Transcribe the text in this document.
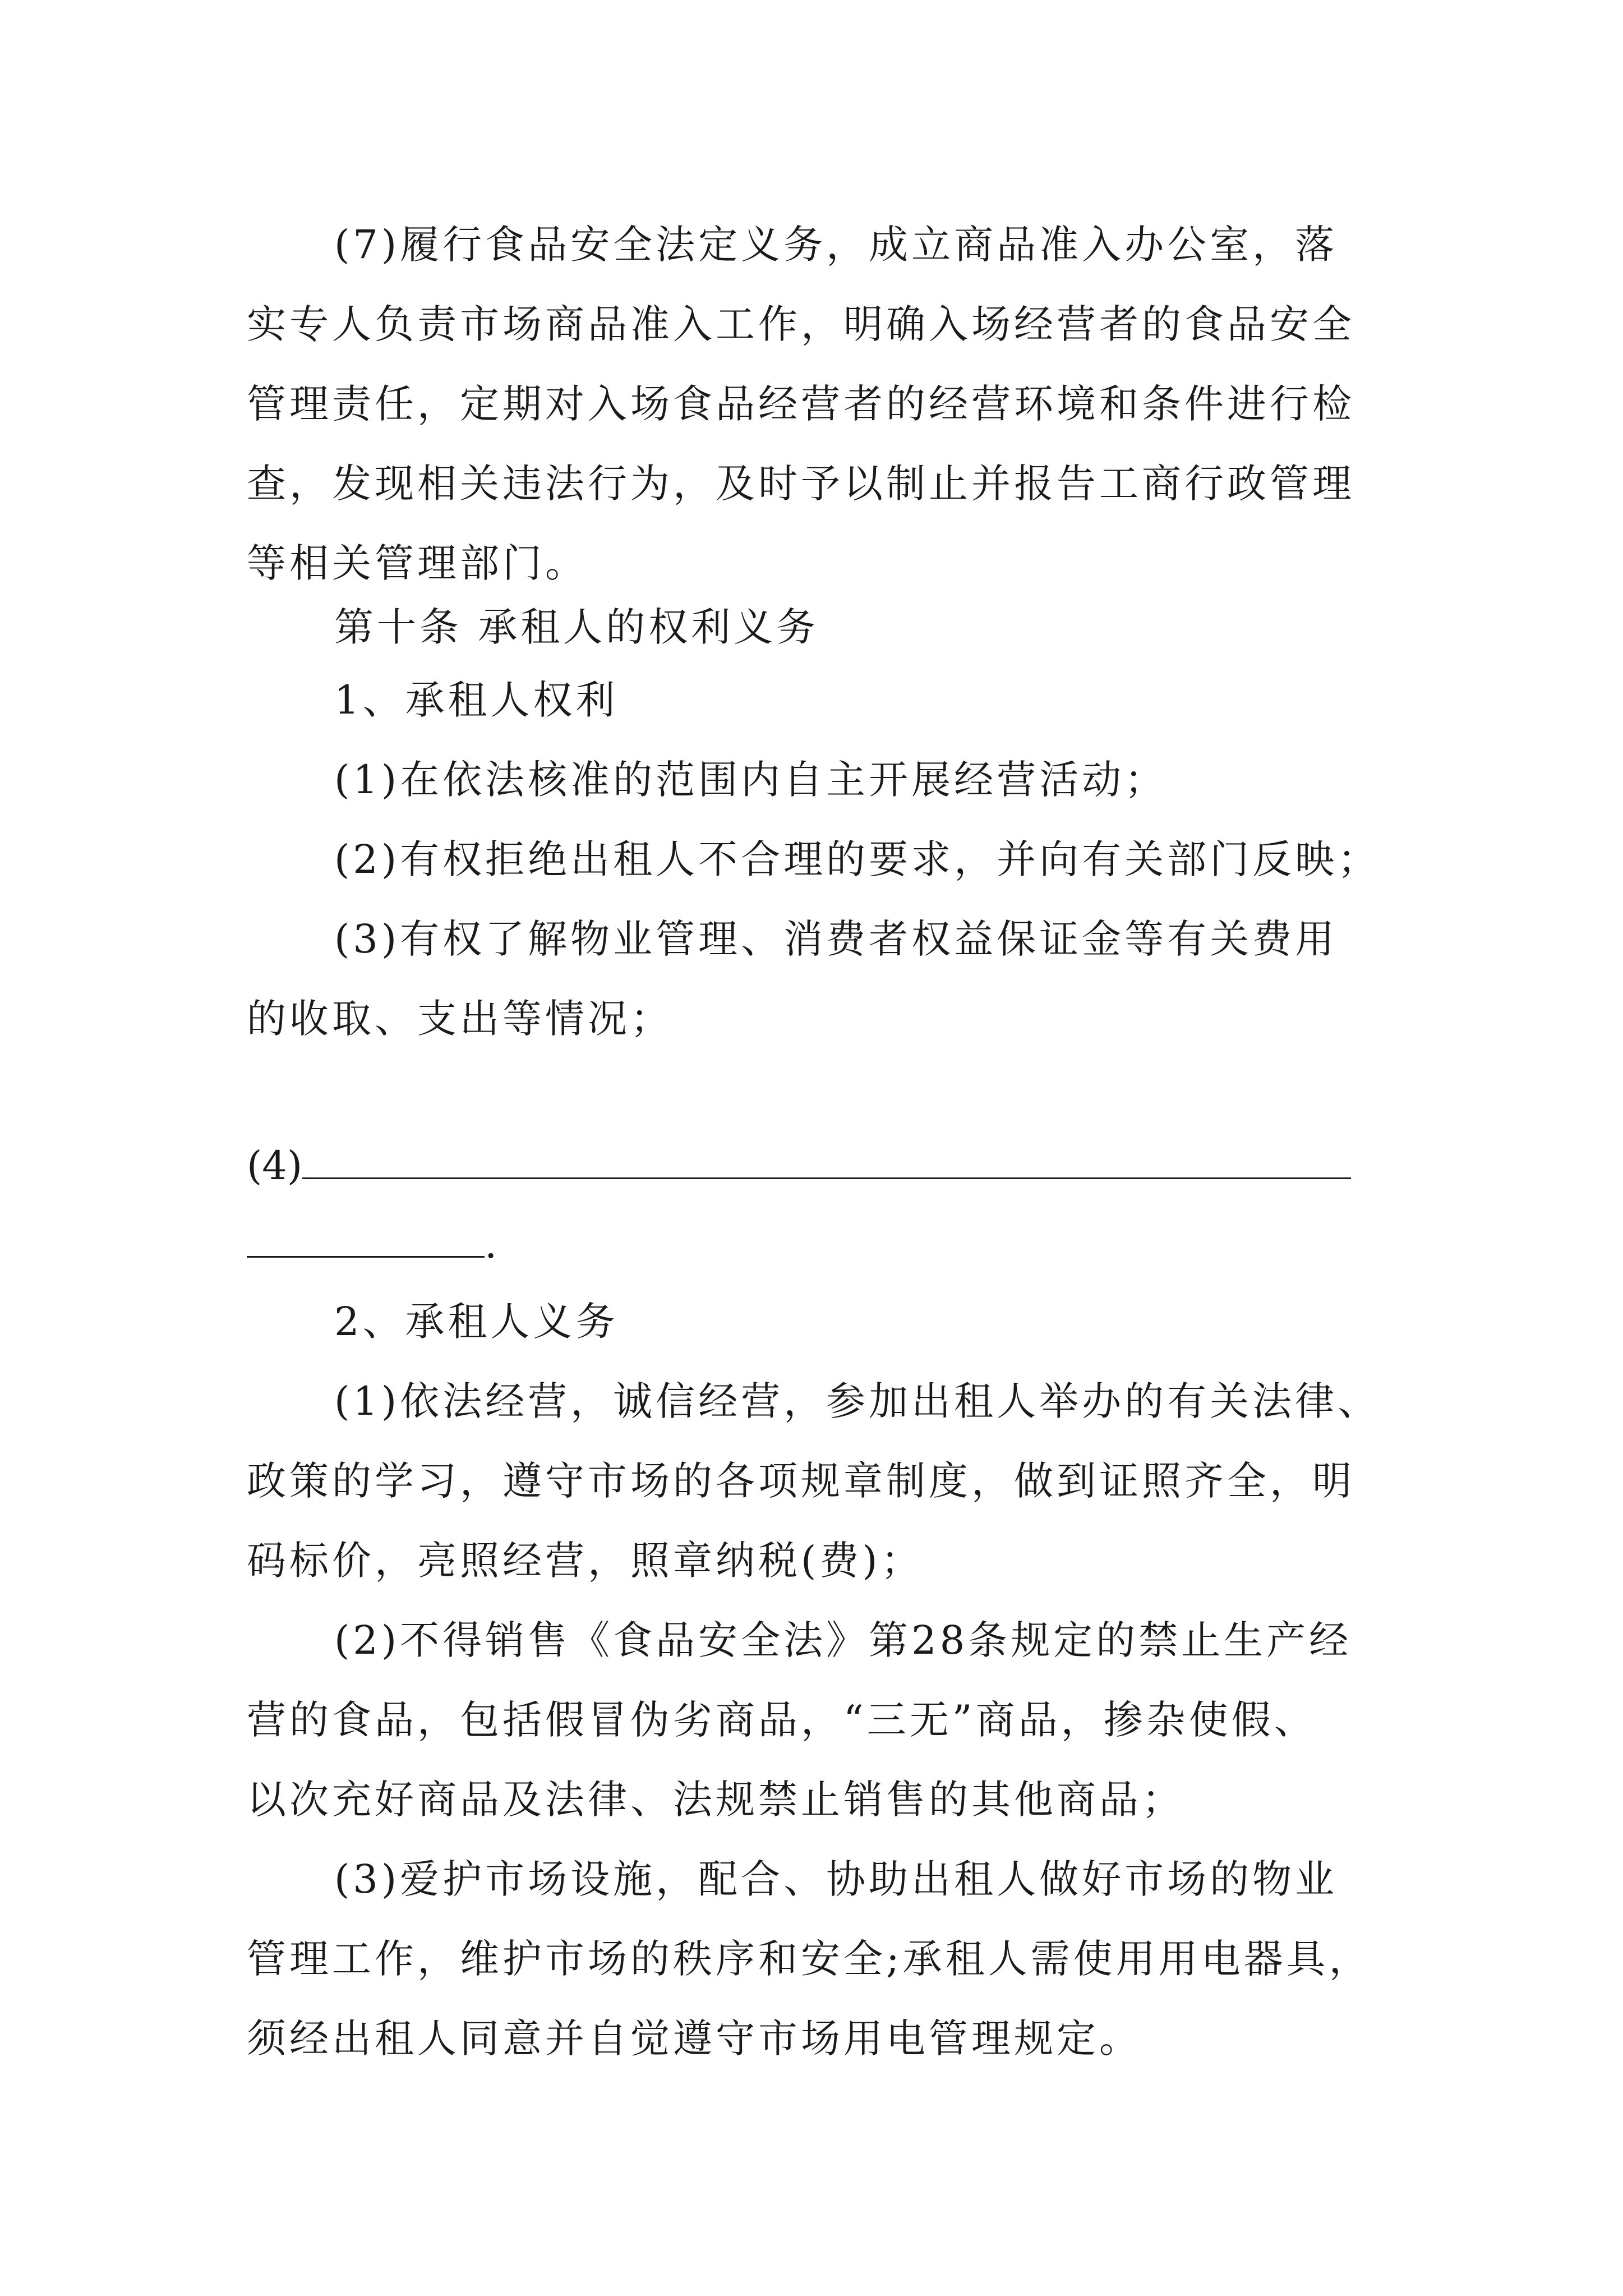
(7)履行食品安全法定义务，成立商品准入办公室，落
实专人负责市场商品准入工作，明确入场经营者的食品安全
管理责任，定期对入场食品经营者的经营环境和条件进行检
查，发现相关违法行为，及时予以制止并报告工商行政管理
等相关管理部门。
第十条 承租人的权利义务
1、承租人权利
(1)在依法核准的范围内自主开展经营活动；
(2)有权拒绝出租人不合理的要求，并向有关部门反映；
(3)有权了解物业管理、消费者权益保证金等有关费用
的收取、支出等情况；
(4)
.
2、承租人义务
(1)依法经营，诚信经营，参加出租人举办的有关法律、
政策的学习，遵守市场的各项规章制度，做到证照齐全，明
码标价，亮照经营，照章纳税(费)；
(2)不得销售《食品安全法》第28条规定的禁止生产经
营的食品，包括假冒伪劣商品，“三无”商品，掺杂使假、
以次充好商品及法律、法规禁止销售的其他商品；
(3)爱护市场设施，配合、协助出租人做好市场的物业
管理工作，维护市场的秩序和安全;承租人需使用用电器具，
须经出租人同意并自觉遵守市场用电管理规定。
